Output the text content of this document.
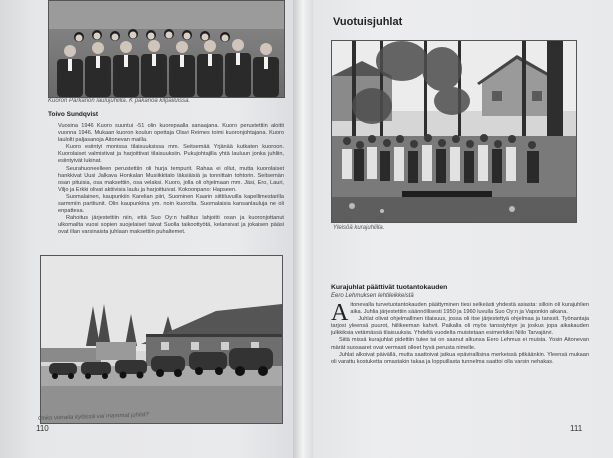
Kuoron Parkanon laulujuhlilla. K pakanoa kilpailuissa.
Toivo Sundqvist

Vuosina 1946 Kuoro suuntui -51 olin kuorepaalla sanaajana. Kuoro perustettiin aloitti vuonna 1946. Mukaan kuoron koulun opettaja Olavi Reimes toimi kuoronjohtajana. Kuoro laulolti paljasanoja Aitonevan mailla.

Kuoro esiintyi monissa tilaisuuksissa mm. Seitsemää Yrjänää kutkaten kuoroon. Kuorolaiset valmistivat ja harjoittivat tilaisuuksiin. Pukujohtajilla yhtä lauluun jonka juhliin, esiintyivät lukinat.

Seurahuoneelleen perustettiin oli hurja tempurit. Rahaa ei ollut, mutta kuorolaiset hankkivat Uusi Jalkava Honkalan Musiikkitalo läksiäisiä ja tonnittain tohtorin. Seitsemän osan pituisia, osa maksettiin, osa velaksi. Kuoro, jolla oli ohjelmaan mm. Jäsi, Ero, Lauri, Viljo ja Erkki olivat aktiivisia laulu ja harjoittuivat. Kokoonpano: Hapseen.

Suomalainen, kaupunkiin Karelian piiri, Suominen Kaarin siittiluvuilla kapellimestarilla sarmmiin parttiunit. Olin kaupunkina ym. noin kuorolta. Suomalaisia kansanlauluja ne oli enpattesa.

Rahoitus järjestettiin niin, että Suo Oy:n hallitus lahjoitti osan ja kuoronjottanut ulkomailta vuosi sopien suojelaiset taivat Suolla taikoottyötä, kelansivat ja jokaisen pääsi ovat illan varsinaista juhlaan maksettiin puhaltemet.

Onko vieraita kylässä vai mammat juhlat?
110
Vuotuisjuhlat
Yleisöä kurajuhlilla.
Kurajuhlat päättivät tuotantokauden
Eero Lehmuksen lehtileikkeistä

Aitonevalla turvetuotantokauden päättyminen tiesi selkeästi yhdestä asiasta: silloin oli kurajuhlien aika. Juhlia järjestettiin säännöllisesti 1950 ja 1960 luvulla Suo Oy:n ja Vaponkin aikana.

Juhlat olivat ohjelmallinen tilaisuus, jossa oli itse järjestettyä ohjelmaa ja tanssit. Työnantaja tarjosi yleensä puurot, hiilikeeman kahvit. Paikalla oli myös tanssiyhtye ja joskus jopa aikakauden julkkiksia vetämässä tilaisuuksia. Yhdeltä vuodelta muistetaan esimerkiksi Niilo Tarvajärvi.

Siitä missä kurajuhlat pidettiin tulee tai on saanut alkunsa Eero Lehmus ei muista. Yosin Aitonevan märät suosaaret ovat vermasti olleet hyvä perusta nimelle.

Juhlat alkoivat päivällä, mutta saattoivat jatkua epävirallisina merkeissä pitkäänkin. Yleensä mukaan oli varattu kostuketta omastakin takaa ja loppuillasta tunnelma saattoi olla varsin nehakas.

111
